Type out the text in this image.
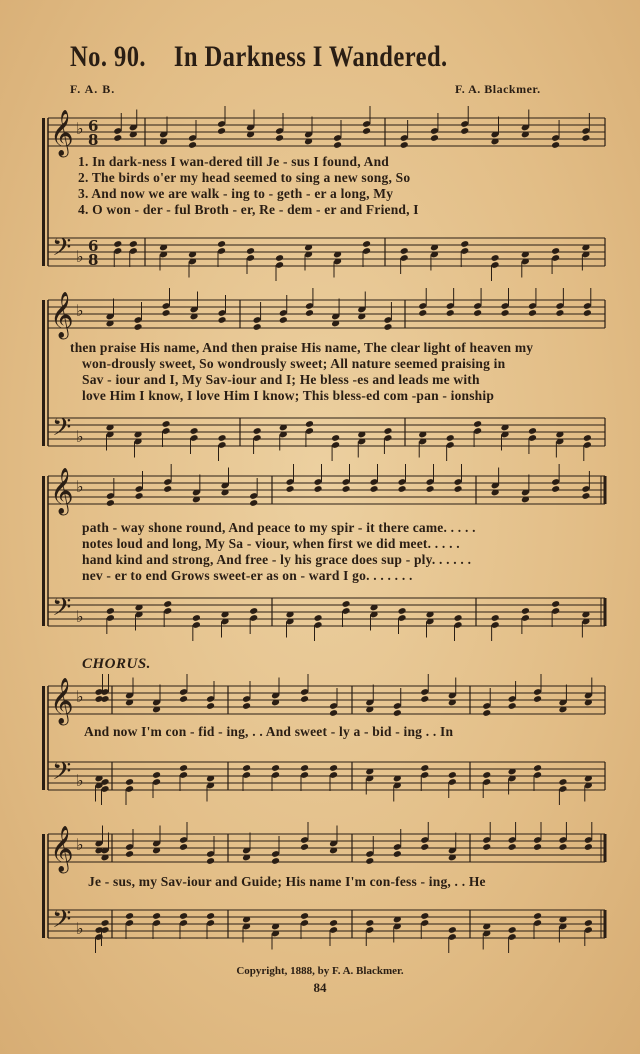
No. 90. In Darkness I Wandered.
F. A. B.	F. A. Blackmer.
𝄞
𝄢
♭
♭
6
8
6
8
𝄞
𝄢
♭
♭
𝄞
𝄢
♭
♭
𝄞
𝄢
♭
♭
𝄞
𝄢
♭
♭
1. In dark-ness I wan-dered till Je - sus I found, And
2. The birds o'er my head seemed to sing a new song, So
3. And now we are walk - ing to - geth - er a long, My
4. O won - der - ful Broth - er, Re - dem - er and Friend, I
then praise His name, And then praise His name, The clear light of heaven my
won-drously sweet, So wondrously sweet; All nature seemed praising in
Sav - iour and I, My Sav-iour and I; He bless -es and leads me with
love Him I know, I love Him I know; This bless-ed com -pan - ionship
path - way shone round, And peace to my spir - it there came. . . . .
notes loud and long, My Sa - viour, when first we did meet. . . . .
hand kind and strong, And free - ly his grace does sup - ply. . . . . .
nev - er to end Grows sweet-er as on - ward I go. . . . . . .
CHORUS.
And now I'm con - fid - ing, . . And sweet - ly a - bid - ing . . In
Je - sus, my Sav-iour and Guide; His name I'm con-fess - ing, . . He
Copyright, 1888, by F. A. Blackmer.
84
